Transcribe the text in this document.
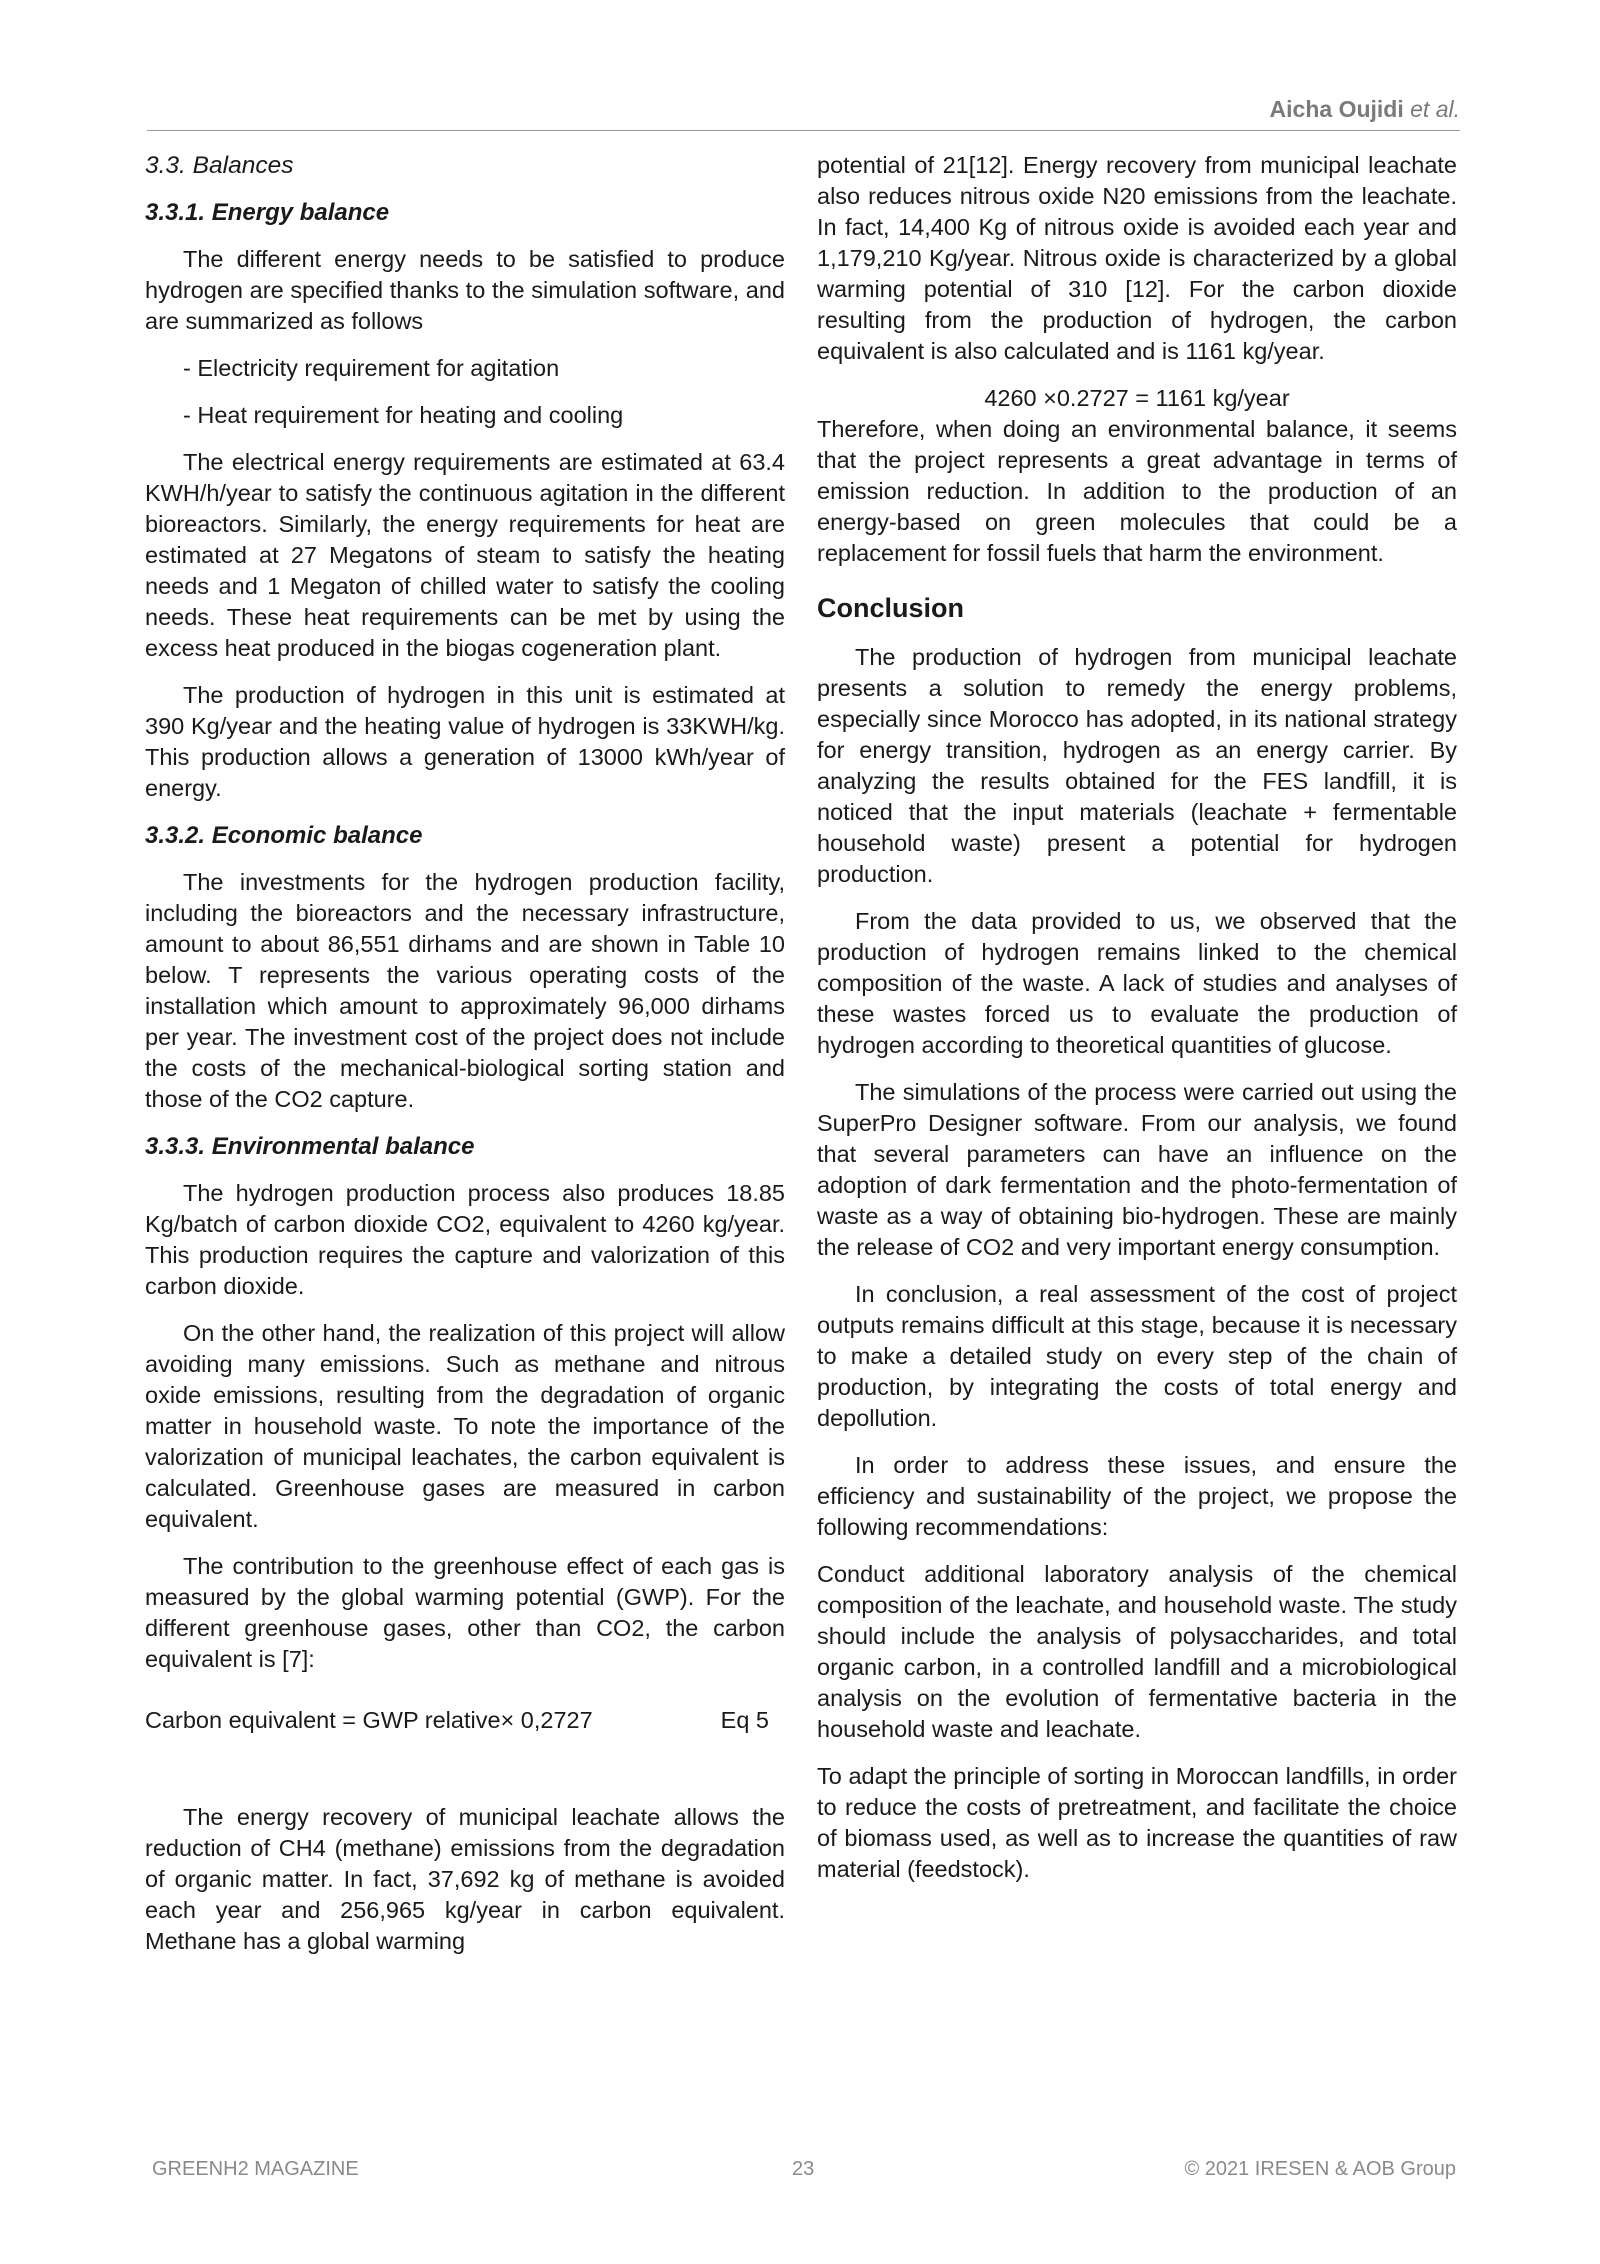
Aicha Oujidi et al.
3.3. Balances
3.3.1. Energy balance

The different energy needs to be satisfied to produce hydrogen are specified thanks to the simulation software, and are summarized as follows

- Electricity requirement for agitation

- Heat requirement for heating and cooling

The electrical energy requirements are estimated at 63.4 KWH/h/year to satisfy the continuous agitation in the different bioreactors. Similarly, the energy requirements for heat are estimated at 27 Megatons of steam to satisfy the heating needs and 1 Megaton of chilled water to satisfy the cooling needs. These heat requirements can be met by using the excess heat produced in the biogas cogeneration plant.

The production of hydrogen in this unit is estimated at 390 Kg/year and the heating value of hydrogen is 33KWH/kg. This production allows a generation of 13000 kWh/year of energy.

3.3.2. Economic balance

The investments for the hydrogen production facility, including the bioreactors and the necessary infrastructure, amount to about 86,551 dirhams and are shown in Table 10 below. T represents the various operating costs of the installation which amount to approximately 96,000 dirhams per year. The investment cost of the project does not include the costs of the mechanical-biological sorting station and those of the CO2 capture.

3.3.3. Environmental balance

The hydrogen production process also produces 18.85 Kg/batch of carbon dioxide CO2, equivalent to 4260 kg/year. This production requires the capture and valorization of this carbon dioxide.

On the other hand, the realization of this project will allow avoiding many emissions. Such as methane and nitrous oxide emissions, resulting from the degradation of organic matter in household waste. To note the importance of the valorization of municipal leachates, the carbon equivalent is calculated. Greenhouse gases are measured in carbon equivalent.

The contribution to the greenhouse effect of each gas is measured by the global warming potential (GWP). For the different greenhouse gases, other than CO2, the carbon equivalent is [7]:

Carbon equivalent = GWP relative× 0,2727	Eq 5

The energy recovery of municipal leachate allows the reduction of CH4 (methane) emissions from the degradation of organic matter. In fact, 37,692 kg of methane is avoided each year and 256,965 kg/year in carbon equivalent. Methane has a global warming

potential of 21[12]. Energy recovery from municipal leachate also reduces nitrous oxide N20 emissions from the leachate. In fact, 14,400 Kg of nitrous oxide is avoided each year and 1,179,210 Kg/year. Nitrous oxide is characterized by a global warming potential of 310 [12]. For the carbon dioxide resulting from the production of hydrogen, the carbon equivalent is also calculated and is 1161 kg/year.

4260 ×0.2727 = 1161 kg/year

Therefore, when doing an environmental balance, it seems that the project represents a great advantage in terms of emission reduction. In addition to the production of an energy-based on green molecules that could be a replacement for fossil fuels that harm the environment.

Conclusion

The production of hydrogen from municipal leachate presents a solution to remedy the energy problems, especially since Morocco has adopted, in its national strategy for energy transition, hydrogen as an energy carrier. By analyzing the results obtained for the FES landfill, it is noticed that the input materials (leachate + fermentable household waste) present a potential for hydrogen production.

From the data provided to us, we observed that the production of hydrogen remains linked to the chemical composition of the waste. A lack of studies and analyses of these wastes forced us to evaluate the production of hydrogen according to theoretical quantities of glucose.

The simulations of the process were carried out using the SuperPro Designer software. From our analysis, we found that several parameters can have an influence on the adoption of dark fermentation and the photo-fermentation of waste as a way of obtaining bio-hydrogen. These are mainly the release of CO2 and very important energy consumption.

In conclusion, a real assessment of the cost of project outputs remains difficult at this stage, because it is necessary to make a detailed study on every step of the chain of production, by integrating the costs of total energy and depollution.

In order to address these issues, and ensure the efficiency and sustainability of the project, we propose the following recommendations:

Conduct additional laboratory analysis of the chemical composition of the leachate, and household waste. The study should include the analysis of polysaccharides, and total organic carbon, in a controlled landfill and a microbiological analysis on the evolution of fermentative bacteria in the household waste and leachate.

To adapt the principle of sorting in Moroccan landfills, in order to reduce the costs of pretreatment, and facilitate the choice of biomass used, as well as to increase the quantities of raw material (feedstock).

GREENH2 MAGAZINE	23	© 2021 IRESEN & AOB Group
